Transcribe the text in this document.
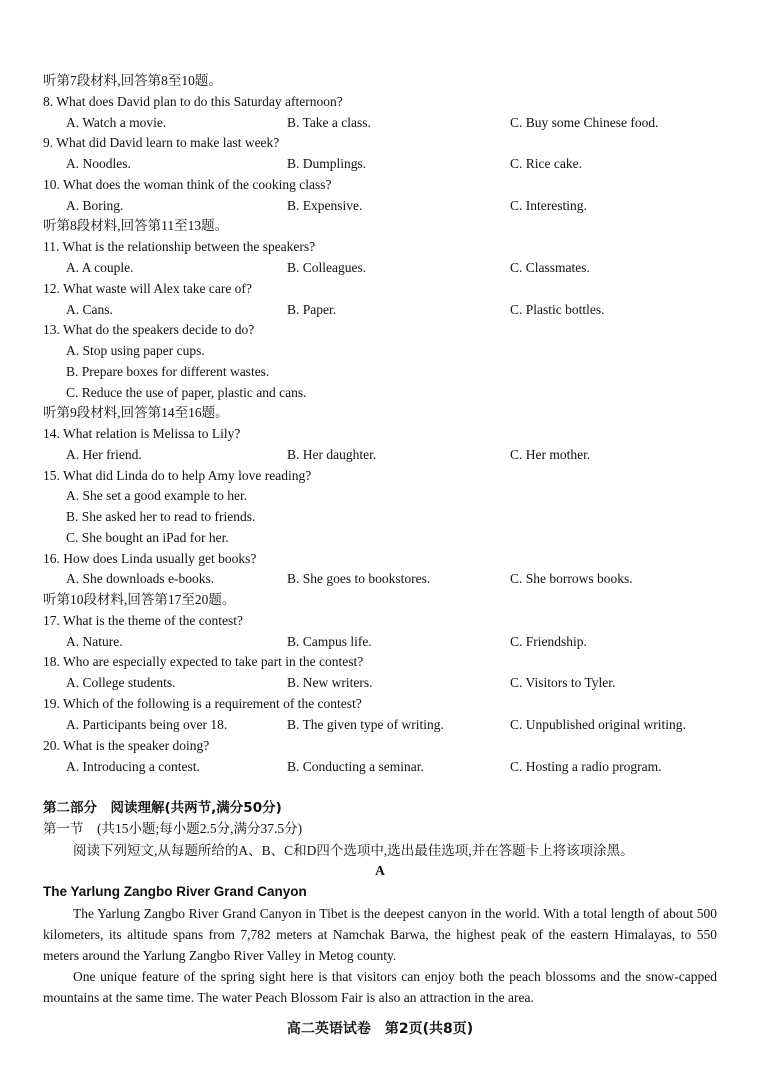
听第7段材料,回答第8至10题。
8. What does David plan to do this Saturday afternoon?
A. Watch a movie.	B. Take a class.	C. Buy some Chinese food.
9. What did David learn to make last week?
A. Noodles.	B. Dumplings.	C. Rice cake.
10. What does the woman think of the cooking class?
A. Boring.	B. Expensive.	C. Interesting.
听第8段材料,回答第11至13题。
11. What is the relationship between the speakers?
A. A couple.	B. Colleagues.	C. Classmates.
12. What waste will Alex take care of?
A. Cans.	B. Paper.	C. Plastic bottles.
13. What do the speakers decide to do?
A. Stop using paper cups.
B. Prepare boxes for different wastes.
C. Reduce the use of paper, plastic and cans.
听第9段材料,回答第14至16题。
14. What relation is Melissa to Lily?
A. Her friend.	B. Her daughter.	C. Her mother.
15. What did Linda do to help Amy love reading?
A. She set a good example to her.
B. She asked her to read to friends.
C. She bought an iPad for her.
16. How does Linda usually get books?
A. She downloads e-books.	B. She goes to bookstores.	C. She borrows books.
听第10段材料,回答第17至20题。
17. What is the theme of the contest?
A. Nature.	B. Campus life.	C. Friendship.
18. Who are especially expected to take part in the contest?
A. College students.	B. New writers.	C. Visitors to Tyler.
19. Which of the following is a requirement of the contest?
A. Participants being over 18.	B. The given type of writing.	C. Unpublished original writing.
20. What is the speaker doing?
A. Introducing a contest.	B. Conducting a seminar.	C. Hosting a radio program.
第二部分　阅读理解(共两节,满分50分)
第一节　(共15小题;每小题2.5分,满分37.5分)
阅读下列短文,从每题所给的A、B、C和D四个选项中,选出最佳选项,并在答题卡上将该项涂黑。
A
The Yarlung Zangbo River Grand Canyon

The Yarlung Zangbo River Grand Canyon in Tibet is the deepest canyon in the world. With a total length of about 500 kilometers, its altitude spans from 7,782 meters at Namchak Barwa, the highest peak of the eastern Himalayas, to 550 meters around the Yarlung Zangbo River Valley in Metog county.

One unique feature of the spring sight here is that visitors can enjoy both the peach blossoms and the snow-capped mountains at the same time. The water Peach Blossom Fair is also an attraction in the area.

高二英语试卷　第2页(共8页)
